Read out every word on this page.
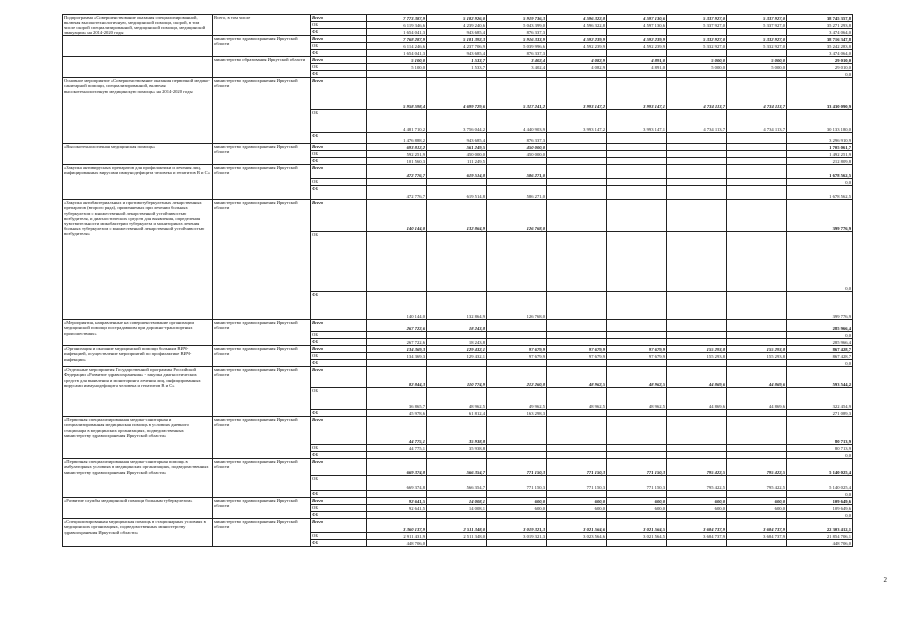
Подпрограмма «Совершенствование оказания специализированной, включая высокотехнологичную, медицинской помощи, скорой, в том числе скорой специализированной, медицинской помощи, медицинской эвакуации» на 2014-2020 годы	Всего, в том числе	Всего	7 773 387,9	5 182 926,0	5 919 736,3	4 596 322,8	4 597 130,6	5 337 927,0	5 337 927,0	38 745 357,8
		ОБ	6 119 346,6	4 239 240,6	5 043 399,0	4 596 322,8	4 597 130,6	5 337 927,0	5 337 927,0	35 271 293,8
		ФБ	1 654 041,3	943 685,4	876 337,3					3 474 064,0
	министерство здравоохранения Иркутской области	Всего	7 768 287,9	5 181 392,3	5 916 333,9	4 592 239,9	4 592 239,9	5 332 927,0	5 332 927,0	38 716 347,8
		ОБ	6 114 246,6	4 237 706,9	5 039 996,6	4 592 239,9	4 592 239,9	5 332 927,0	5 332 927,0	35 242 283,8
		ФБ	1 654 041,3	943 685,4	876 337,3					3 474 064,0
	министерство образования Иркутской области	Всего	5 100,0	1 533,7	3 402,4	4 082,9	4 891,0	5 000,0	5 000,0	29 010,0
		ОБ	5 100,0	1 533,7	3 402,4	4 082,9	4 891,0	5 000,0	5 000,0	29 010,0
		ФБ								0,0
Основное мероприятие «Совершенствование оказания первичной медико-санитарной помощи, специализированной, включая высокотехнологичную медицинскую помощь» на 2014-2020 годы	министерство здравоохранения Иркутской области	Всего	5 958 598,4	4 699 729,6	5 317 241,2	3 993 147,2	3 993 147,1	4 734 113,7	4 734 113,7	33 430 090,9
		ОБ	4 481 710,2	3 756 044,2	4 440 903,9	3 993 147,2	3 993 147,1	4 734 113,7	4 734 113,7	30 133 180,0
		ФБ	1 476 888,2	943 685,4	876 337,3					3 296 910,9
«Высокотехнологичная медицинская помощь»	министерство здравоохранения Иркутской области	Всего	693 812,2	561 249,5	450 000,0					1 705 061,7
		ОБ	592 251,9	450 000,0	450 000,0					1 492 251,9
		ФБ	101 560,3	111 249,5						212 809,8
«Закупка антивирусных препаратов для профилактики и лечения лиц, инфицированных вирусами иммунодефицита человека и гепатитов В и С»	министерство здравоохранения Иркутской области	Всего	472 776,7	619 514,8	586 271,0					1 678 562,5
		ОБ								0,0
		ФБ	472 776,7	619 514,8	586 271,0					1 678 562,5
«Закупка антибактериальных и противотуберкулезных лекарственных препаратов (второго ряда), применяемых при лечении больных туберкулезом с множественной лекарственной устойчивостью возбудителя, и диагностических средств для выявления, определения чувствительности микобактерии туберкулеза и мониторинга лечения больных туберкулезом с множественной лекарственной устойчивостью возбудителя»	министерство здравоохранения Иркутской области	Всего	140 144,0	132 864,9	126 768,0					399 776,9
		ОБ								0,0
		ФБ	140 144,0	132 864,9	126 768,0					399 776,9
«Мероприятия, направленные на совершенствование организации медицинской помощи пострадавшим при дорожно-транспортных происшествиях»	министерство здравоохранения Иркутской области	Всего	267 722,6	18 243,8						285 966,4
		ОБ								0,0
		ФБ	267 722,6	18 243,8						285 966,4
«Организация и оказание медицинской помощи больным ВИЧ-инфекцией, осуществление мероприятий по профилактике ВИЧ-инфекции»	министерство здравоохранения Иркутской области	Всего	134 369,3	129 432,1	97 679,9	97 679,9	97 679,9	155 293,8	155 293,8	867 428,7
		ОБ	134 369,3	129 432,1	97 679,9	97 679,9	97 679,9	155 293,8	155 293,8	867 428,7
		ФБ								0,0
«Отдельные мероприятия Государственной программы Российской Федерации «Развитие здравоохранения» - закупка диагностических средств для выявления и мониторинга лечения лиц, инфицированных вирусами иммунодефицита человека и гепатитов В и С»	министерство здравоохранения Иркутской области	Всего	82 844,3	110 774,9	212 260,8	48 962,5	48 962,5	44 869,6	44 869,6	593 544,2
		ОБ	36 865,7	48 962,5	49 962,5	48 962,5	48 962,5	44 869,6	44 869,6	322 454,9
		ФБ	45 978,6	61 812,4	163 298,3					271 089,3
«Первичная специализированная медико-санитарная и специализированная медицинская помощь в условиях дневного стационара в медицинских организациях, подведомственных министерству здравоохранения Иркутской области»	министерство здравоохранения Иркутской области	Всего	44 775,1	35 938,8						80 713,9
		ОБ	44 775,1	35 938,8						80 713,9
		ФБ								0,0
«Первичная специализированная медико-санитарная помощь в амбулаторных условиях в медицинских организациях, подведомственных министерству здравоохранения Иркутской области»	министерство здравоохранения Иркутской области	Всего	669 374,8	566 354,7	771 150,3	771 150,3	771 150,3	795 422,5	795 422,5	5 140 025,4
		ОБ	669 374,8	566 354,7	771 150,3	771 150,3	771 150,3	795 422,5	795 422,5	5 140 025,4
		ФБ								0,0
«Развитие службы медицинской помощи больным туберкулезом»	министерство здравоохранения Иркутской области	Всего	92 641,5	14 008,1	600,0	600,0	600,0	600,0	600,0	109 649,6
		ОБ	92 641,5	14 008,1	600,0	600,0	600,0	600,0	600,0	109 649,6
		ФБ								0,0
«Специализированная медицинская помощь в стационарных условиях в медицинских организациях, подведомственных министерству здравоохранения Иркутской области»	министерство здравоохранения Иркутской области	Всего	3 360 137,9	2 511 348,0	3 019 321,3	3 021 564,6	3 021 564,5	3 684 737,9	3 684 737,9	22 303 412,1
		ОБ	2 911 431,9	2 511 348,0	3 019 321,3	3 023 564,6	3 021 564,5	3 684 737,9	3 684 737,9	21 854 706,1
		ФБ	448 706,0							448 706,0
2
